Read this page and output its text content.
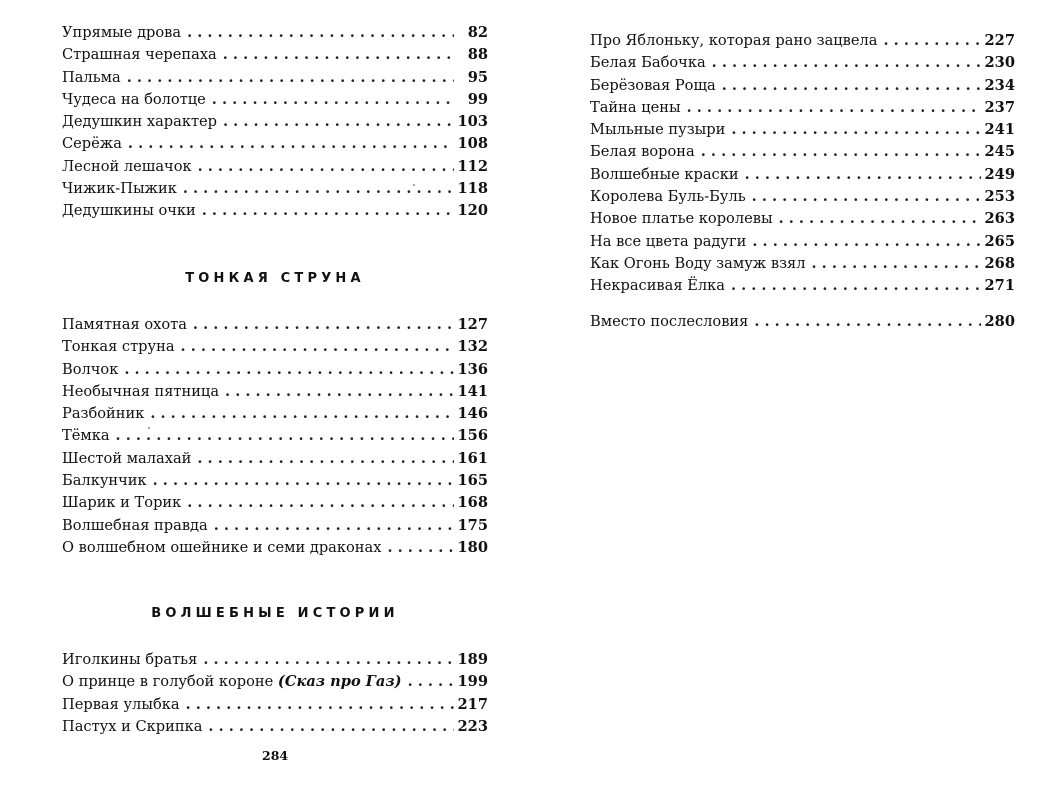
Упрямые дрова . . .	82
Страшная черепаха . . .	88
Пальма . . .	95
Чудеса на болотце . . .	99
Дедушкин характер . . .	103
Серёжа . . .	108
Лесной лешачок . . .	112
Чижик-Пыжик . . .	118
Дедушкины очки . . .	120
ТОНКАЯ СТРУНА
Памятная охота . . .	127
Тонкая струна . . .	132
Волчок . . .	136
Необычная пятница . . .	141
Разбойник . . .	146
Тёмка . . .	156
Шестой малахай . . .	161
Балкунчик . . .	165
Шарик и Торик . . .	168
Волшебная правда . . .	175
О волшебном ошейнике и семи драконах . . .	180
ВОЛШЕБНЫЕ ИСТОРИИ
Иголкины братья . . .	189
О принце в голубой короне (Сказ про Газ) . . .	199
Первая улыбка . . .	217
Пастух и Скрипка . . .	223
284
Про Яблоньку, которая рано зацвела . . .	227
Белая Бабочка . . .	230
Берёзовая Роща . . .	234
Тайна цены . . .	237
Мыльные пузыри . . .	241
Белая ворона . . .	245
Волшебные краски . . .	249
Королева Буль-Буль . . .	253
Новое платье королевы . . .	263
На все цвета радуги . . .	265
Как Огонь Воду замуж взял . . .	268
Некрасивая Ёлка . . .	271
Вместо послесловия . . .	280
